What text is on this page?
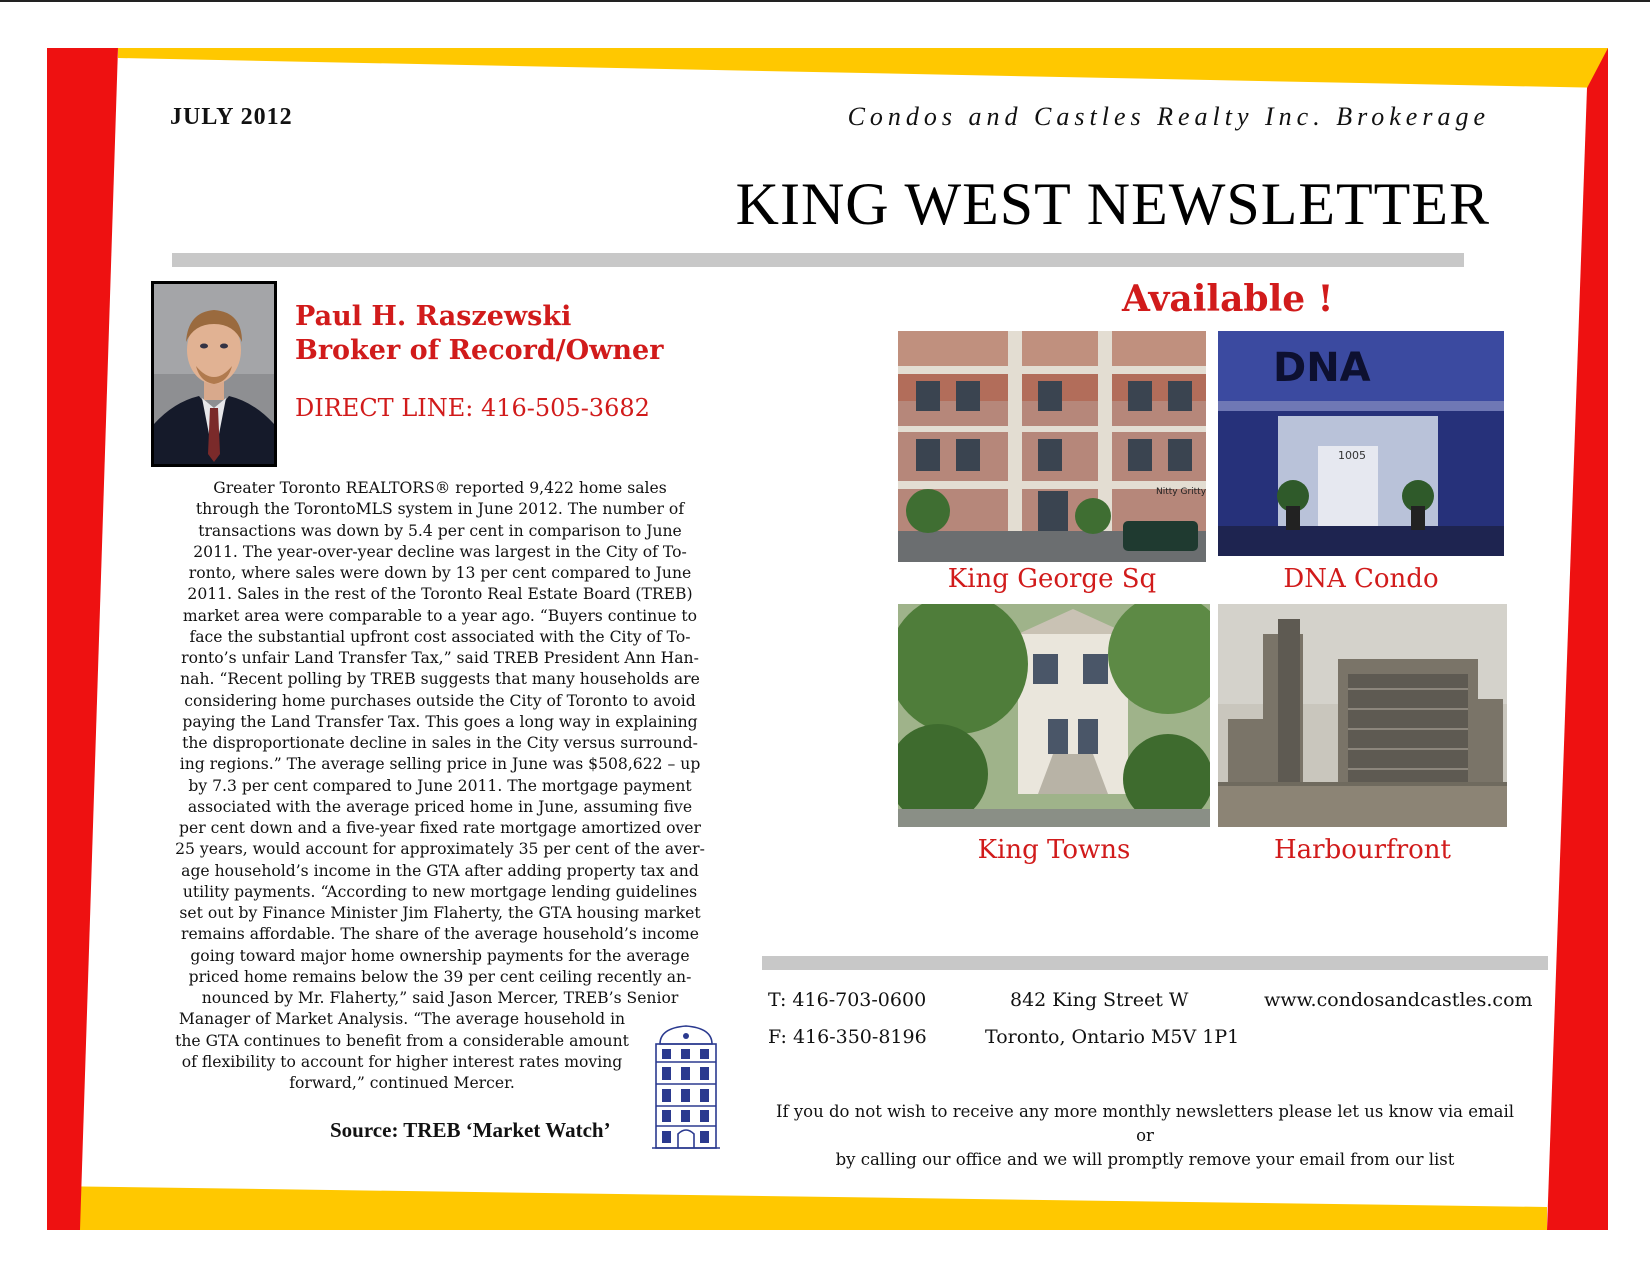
JULY 2012	Condos and Castles Realty Inc. Brokerage
KING WEST NEWSLETTER
Paul H. Raszewski
Broker of Record/Owner
DIRECT LINE: 416-505-3682
Greater Toronto REALTORS® reported 9,422 home sales
through the TorontoMLS system in June 2012. The number of
transactions was down by 5.4 per cent in comparison to June
2011. The year-over-year decline was largest in the City of To-
ronto, where sales were down by 13 per cent compared to June
2011. Sales in the rest of the Toronto Real Estate Board (TREB)
market area were comparable to a year ago. “Buyers continue to
face the substantial upfront cost associated with the City of To-
ronto’s unfair Land Transfer Tax,” said TREB President Ann Han-
nah. “Recent polling by TREB suggests that many households are
considering home purchases outside the City of Toronto to avoid
paying the Land Transfer Tax. This goes a long way in explaining
the disproportionate decline in sales in the City versus surround-
ing regions.” The average selling price in June was $508,622 – up
by 7.3 per cent compared to June 2011. The mortgage payment
associated with the average priced home in June, assuming five
per cent down and a five-year fixed rate mortgage amortized over
25 years, would account for approximately 35 per cent of the aver-
age household’s income in the GTA after adding property tax and
utility payments. “According to new mortgage lending guidelines
set out by Finance Minister Jim Flaherty, the GTA housing market
remains affordable. The share of the average household’s income
going toward major home ownership payments for the average
priced home remains below the 39 per cent ceiling recently an-
nounced by Mr. Flaherty,” said Jason Mercer, TREB’s Senior
Manager of Market Analysis. “The average household in
the GTA continues to benefit from a considerable amount
of flexibility to account for higher interest rates moving
forward,” continued Mercer.
Source: TREB ‘Market Watch’
Available !
Nitty Gritty
King George Sq
DNA
1005
DNA Condo
King Towns	Harbourfront
T: 416-703-0600
F: 416-350-8196
842 King Street W
Toronto, Ontario M5V 1P1
www.condosandcastles.com
If you do not wish to receive any more monthly newsletters please let us know via email or
by calling our office and we will promptly remove your email from our list
